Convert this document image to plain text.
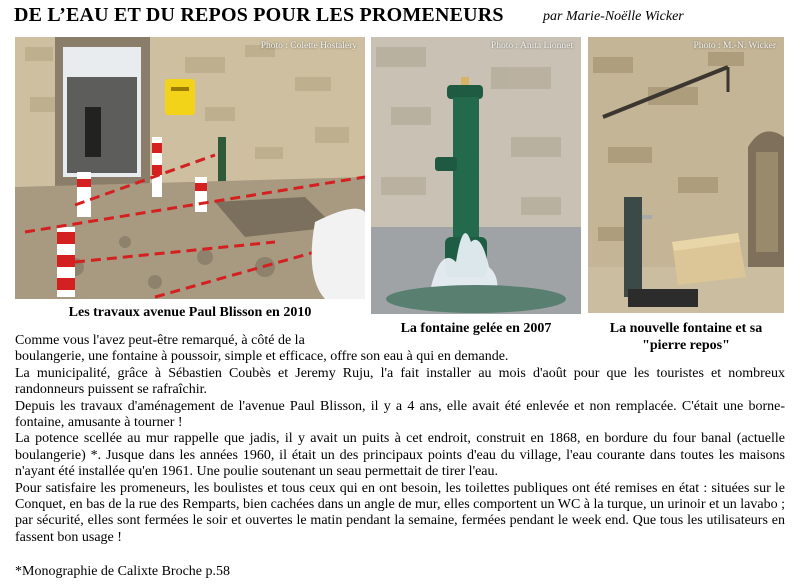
DE L’EAU ET DU REPOS POUR LES PROMENEURS	par Marie-Noëlle Wicker
Photo : Colette Hostalery	Photo : Anita Lionnet	Photo : M.-N. Wicker
Les travaux avenue Paul Blisson en 2010
La fontaine gelée en 2007	La nouvelle fontaine et sa
"pierre repos"
Comme vous l'avez peut-être remarqué, à côté de la

boulangerie, une fontaine à poussoir, simple et efficace, offre son eau à qui en demande.

La municipalité, grâce à Sébastien Coubès et Jeremy Ruju, l'a fait installer au mois d'août pour que les touristes et nombreux randonneurs puissent se rafraîchir.

Depuis les travaux d'aménagement de l'avenue Paul Blisson, il y a 4 ans, elle avait été enlevée et non remplacée. C'était une borne-fontaine, amusante à tourner !

La potence scellée au mur rappelle que jadis, il y avait un puits à cet endroit, construit en 1868, en bordure du four banal (actuelle boulangerie) *. Jusque dans les années 1960, il était un des principaux points d'eau du village, l'eau courante dans toutes les maisons n'ayant été installée qu'en 1961. Une poulie soutenant un seau permettait de tirer l'eau.

Pour satisfaire les promeneurs, les boulistes et tous ceux qui en ont besoin, les toilettes publiques ont été remises en état : situées sur le Conquet, en bas de la rue des Remparts, bien cachées dans un angle de mur, elles comportent un WC à la turque, un urinoir et un lavabo ; par sécurité, elles sont fermées le soir et ouvertes le matin pendant la semaine, fermées pendant le week end. Que tous les utilisateurs en fassent bon usage !

*Monographie de Calixte Broche p.58
